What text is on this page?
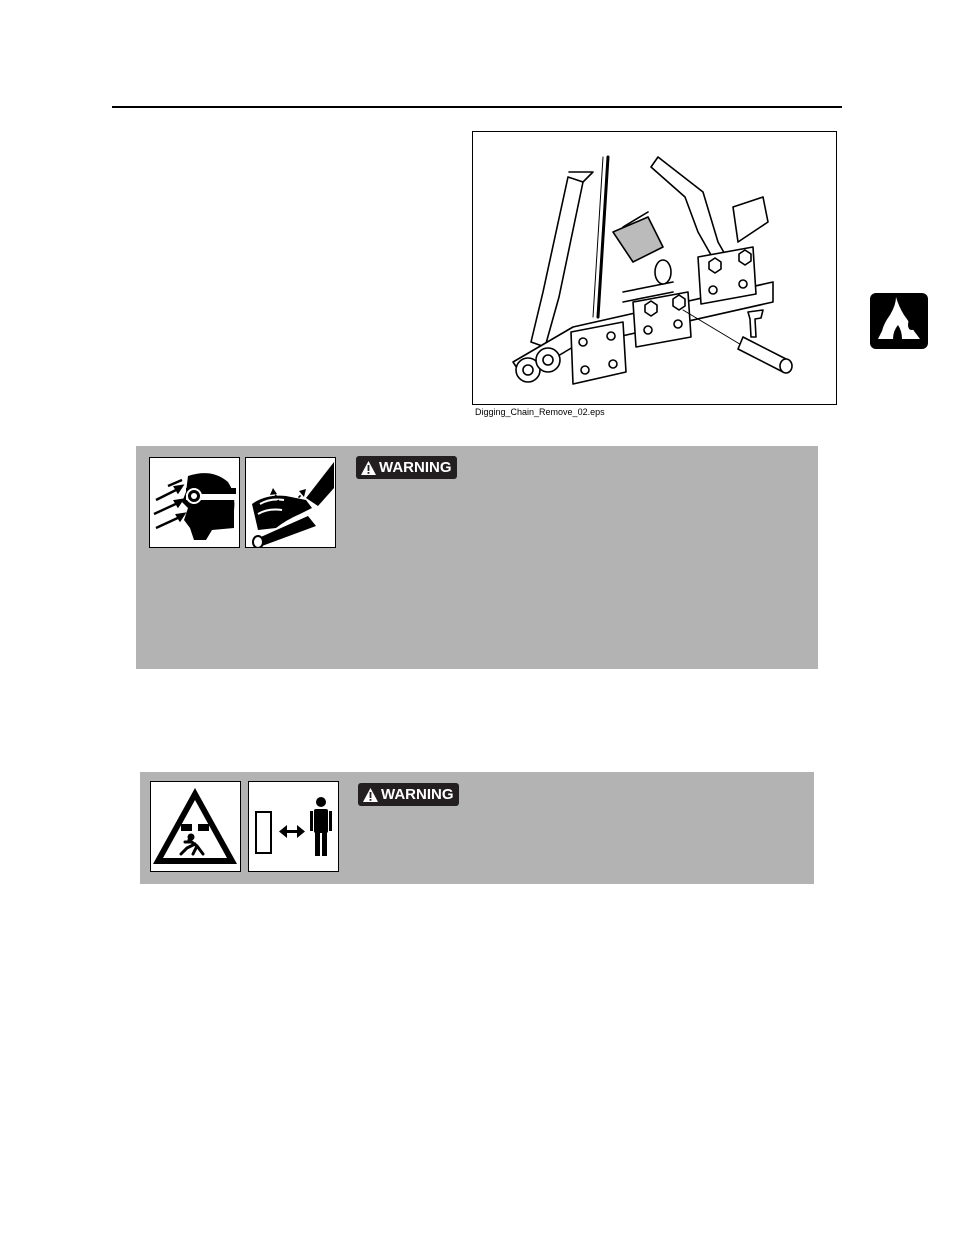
Digging_Chain_Remove_02.eps
WARNING
WARNING
